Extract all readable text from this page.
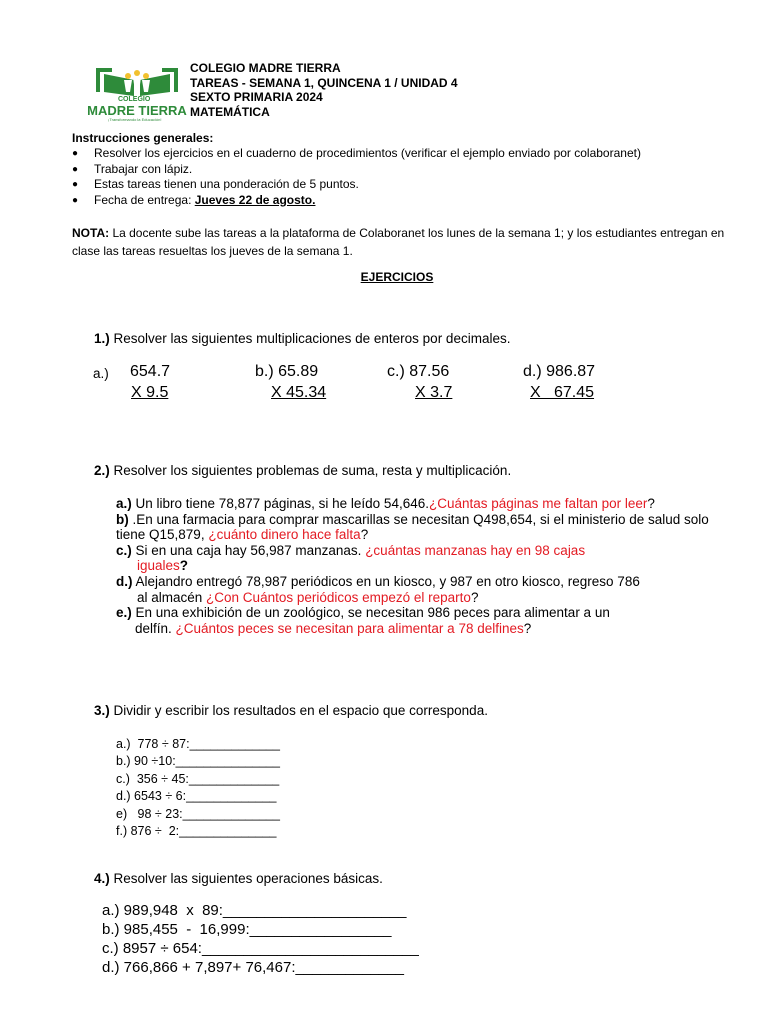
COLEGIO
MADRE TIERRA
¡Transformando la Educación!
COLEGIO MADRE TIERRA
TAREAS - SEMANA 1, QUINCENA 1 / UNIDAD 4
SEXTO PRIMARIA 2024
MATEMÁTICA
Instrucciones generales:
● Resolver los ejercicios en el cuaderno de procedimientos (verificar el ejemplo enviado por colaboranet)
● Trabajar con lápiz.
● Estas tareas tienen una ponderación de 5 puntos.
● Fecha de entrega: Jueves 22 de agosto.
NOTA: La docente sube las tareas a la plataforma de Colaboranet los lunes de la semana 1; y los estudiantes entregan en clase las tareas resueltas los jueves de la semana 1.
EJERCICIOS
1.) Resolver las siguientes multiplicaciones de enteros por decimales.
a.) 654.7
X 9.5
b.) 65.89
X 45.34
c.) 87.56
X 3.7
d.) 986.87
X   67.45
2.) Resolver los siguientes problemas de suma, resta y multiplicación.

a.) Un libro tiene 78,877 páginas, si he leído 54,646.¿Cuántas páginas me faltan por leer?

b) .En una farmacia para comprar mascarillas se necesitan Q498,654, si el ministerio de salud solo tiene Q15,879, ¿cuánto dinero hace falta?

c.) Si en una caja hay 56,987 manzanas. ¿cuántas manzanas hay en 98 cajas

iguales?

d.) Alejandro entregó 78,987 periódicos en un kiosco, y 987 en otro kiosco, regreso 786

al almacén ¿Con Cuántos periódicos empezó el reparto?

e.) En una exhibición de un zoológico, se necesitan 986 peces para alimentar a un

delfín. ¿Cuántos peces se necesitan para alimentar a 78 delfines?

3.) Dividir y escribir los resultados en el espacio que corresponda.
a.)  778 ÷ 87:_____________
b.) 90 ÷10:_______________
c.)  356 ÷ 45:_____________
d.) 6543 ÷ 6:_____________
e)   98 ÷ 23:______________
f.) 876 ÷  2:______________
4.) Resolver las siguientes operaciones básicas.
a.) 989,948  x  89:______________________
b.) 985,455  -  16,999:_________________
c.) 8957 ÷ 654:__________________________
d.) 766,866 + 7,897+ 76,467:_____________
